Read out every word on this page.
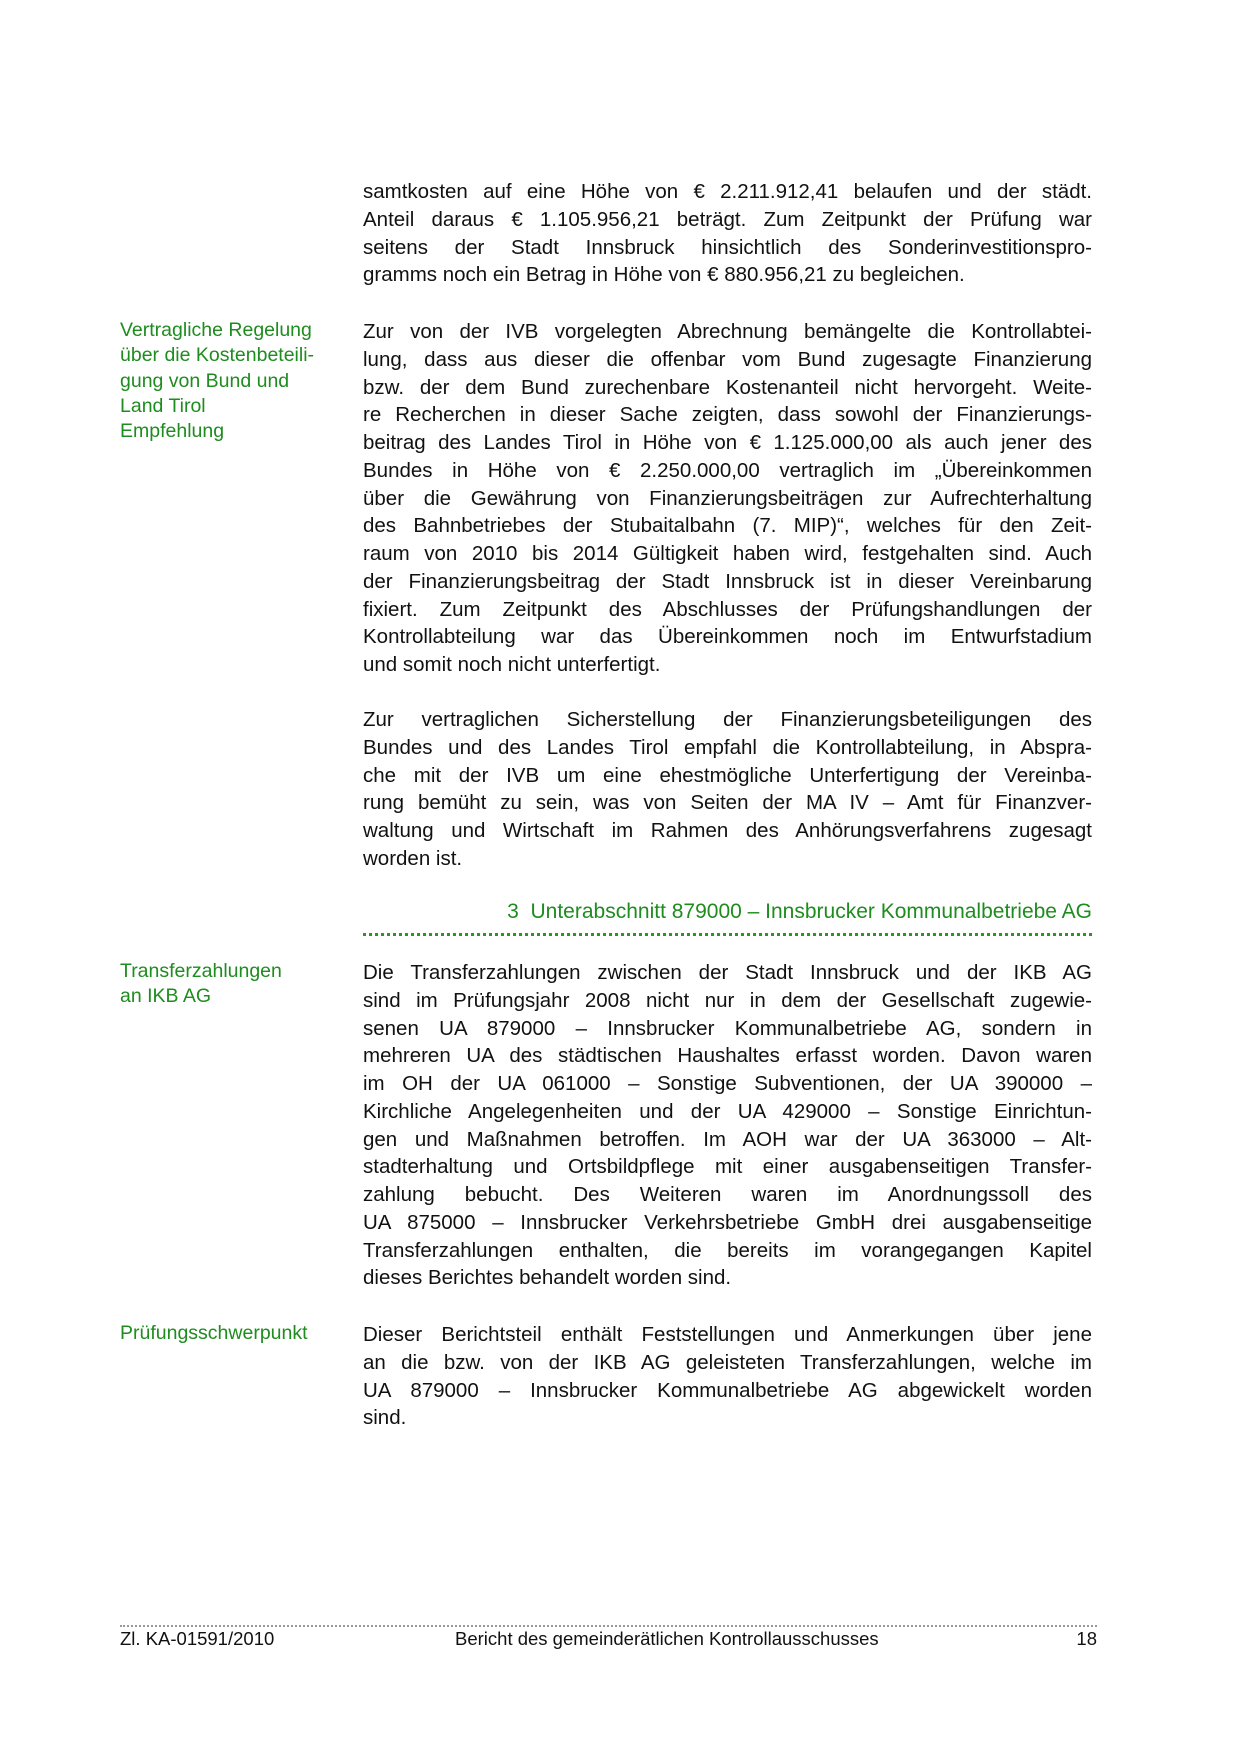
samtkosten auf eine Höhe von € 2.211.912,41 belaufen und der städt.
Anteil daraus € 1.105.956,21 beträgt. Zum Zeitpunkt der Prüfung war
seitens der Stadt Innsbruck hinsichtlich des Sonderinvestitionspro-
gramms noch ein Betrag in Höhe von € 880.956,21 zu begleichen.
Vertragliche Regelung
über die Kostenbeteili-
gung von Bund und
Land Tirol
Empfehlung
Zur von der IVB vorgelegten Abrechnung bemängelte die Kontrollabtei-
lung, dass aus dieser die offenbar vom Bund zugesagte Finanzierung
bzw. der dem Bund zurechenbare Kostenanteil nicht hervorgeht. Weite-
re Recherchen in dieser Sache zeigten, dass sowohl der Finanzierungs-
beitrag des Landes Tirol in Höhe von € 1.125.000,00 als auch jener des
Bundes in Höhe von € 2.250.000,00 vertraglich im „Übereinkommen
über die Gewährung von Finanzierungsbeiträgen zur Aufrechterhaltung
des Bahnbetriebes der Stubaitalbahn (7. MIP)“, welches für den Zeit-
raum von 2010 bis 2014 Gültigkeit haben wird, festgehalten sind. Auch
der Finanzierungsbeitrag der Stadt Innsbruck ist in dieser Vereinbarung
fixiert. Zum Zeitpunkt des Abschlusses der Prüfungshandlungen der
Kontrollabteilung war das Übereinkommen noch im Entwurfstadium
und somit noch nicht unterfertigt.
Zur vertraglichen Sicherstellung der Finanzierungsbeteiligungen des
Bundes und des Landes Tirol empfahl die Kontrollabteilung, in Abspra-
che mit der IVB um eine ehestmögliche Unterfertigung der Vereinba-
rung bemüht zu sein, was von Seiten der MA IV – Amt für Finanzver-
waltung und Wirtschaft im Rahmen des Anhörungsverfahrens zugesagt
worden ist.
3  Unterabschnitt 879000 – Innsbrucker Kommunalbetriebe AG
Transferzahlungen
an IKB AG
Die Transferzahlungen zwischen der Stadt Innsbruck und der IKB AG
sind im Prüfungsjahr 2008 nicht nur in dem der Gesellschaft zugewie-
senen UA 879000 – Innsbrucker Kommunalbetriebe AG, sondern in
mehreren UA des städtischen Haushaltes erfasst worden. Davon waren
im OH der UA 061000 – Sonstige Subventionen, der UA 390000 –
Kirchliche Angelegenheiten und der UA 429000 – Sonstige Einrichtun-
gen und Maßnahmen betroffen. Im AOH war der UA 363000 – Alt-
stadterhaltung und Ortsbildpflege mit einer ausgabenseitigen Transfer-
zahlung bebucht. Des Weiteren waren im Anordnungssoll des
UA 875000 – Innsbrucker Verkehrsbetriebe GmbH drei ausgabenseitige
Transferzahlungen enthalten, die bereits im vorangegangen Kapitel
dieses Berichtes behandelt worden sind.
Prüfungsschwerpunkt	Dieser Berichtsteil enthält Feststellungen und Anmerkungen über jene
an die bzw. von der IKB AG geleisteten Transferzahlungen, welche im
UA 879000 – Innsbrucker Kommunalbetriebe AG abgewickelt worden
sind.
Zl. KA-01591/2010	Bericht des gemeinderätlichen Kontrollausschusses	18
